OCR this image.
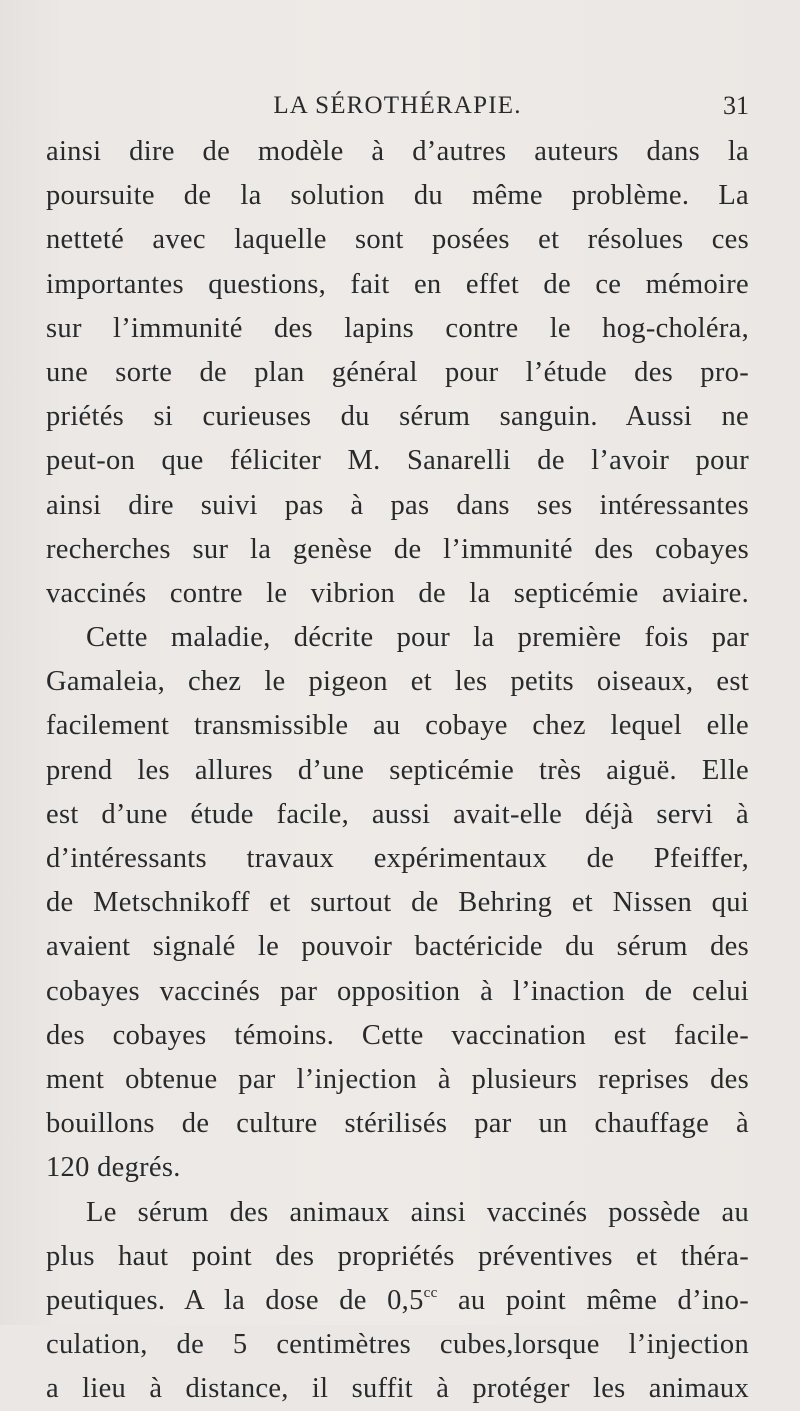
LA SÉROTHÉRAPIE.	31
ainsi dire de modèle à d’autres auteurs dans la
poursuite de la solution du même problème. La
netteté avec laquelle sont posées et résolues ces
importantes questions, fait en effet de ce mémoire
sur l’immunité des lapins contre le hog-choléra,
une sorte de plan général pour l’étude des pro-
priétés si curieuses du sérum sanguin. Aussi ne
peut-on que féliciter M. Sanarelli de l’avoir pour
ainsi dire suivi pas à pas dans ses intéressantes
recherches sur la genèse de l’immunité des cobayes
vaccinés contre le vibrion de la septicémie aviaire.
Cette maladie, décrite pour la première fois par
Gamaleia, chez le pigeon et les petits oiseaux, est
facilement transmissible au cobaye chez lequel elle
prend les allures d’une septicémie très aiguë. Elle
est d’une étude facile, aussi avait-elle déjà servi à
d’intéressants travaux expérimentaux de Pfeiffer,
de Metschnikoff et surtout de Behring et Nissen qui
avaient signalé le pouvoir bactéricide du sérum des
cobayes vaccinés par opposition à l’inaction de celui
des cobayes témoins. Cette vaccination est facile-
ment obtenue par l’injection à plusieurs reprises des
bouillons de culture stérilisés par un chauffage à
120 degrés.
Le sérum des animaux ainsi vaccinés possède au
plus haut point des propriétés préventives et théra-
peutiques. A la dose de 0,5$^{cc}$ au point même d’ino-
culation, de 5 centimètres cubes,lorsque l’injection
a lieu à distance, il suffit à protéger les animaux
